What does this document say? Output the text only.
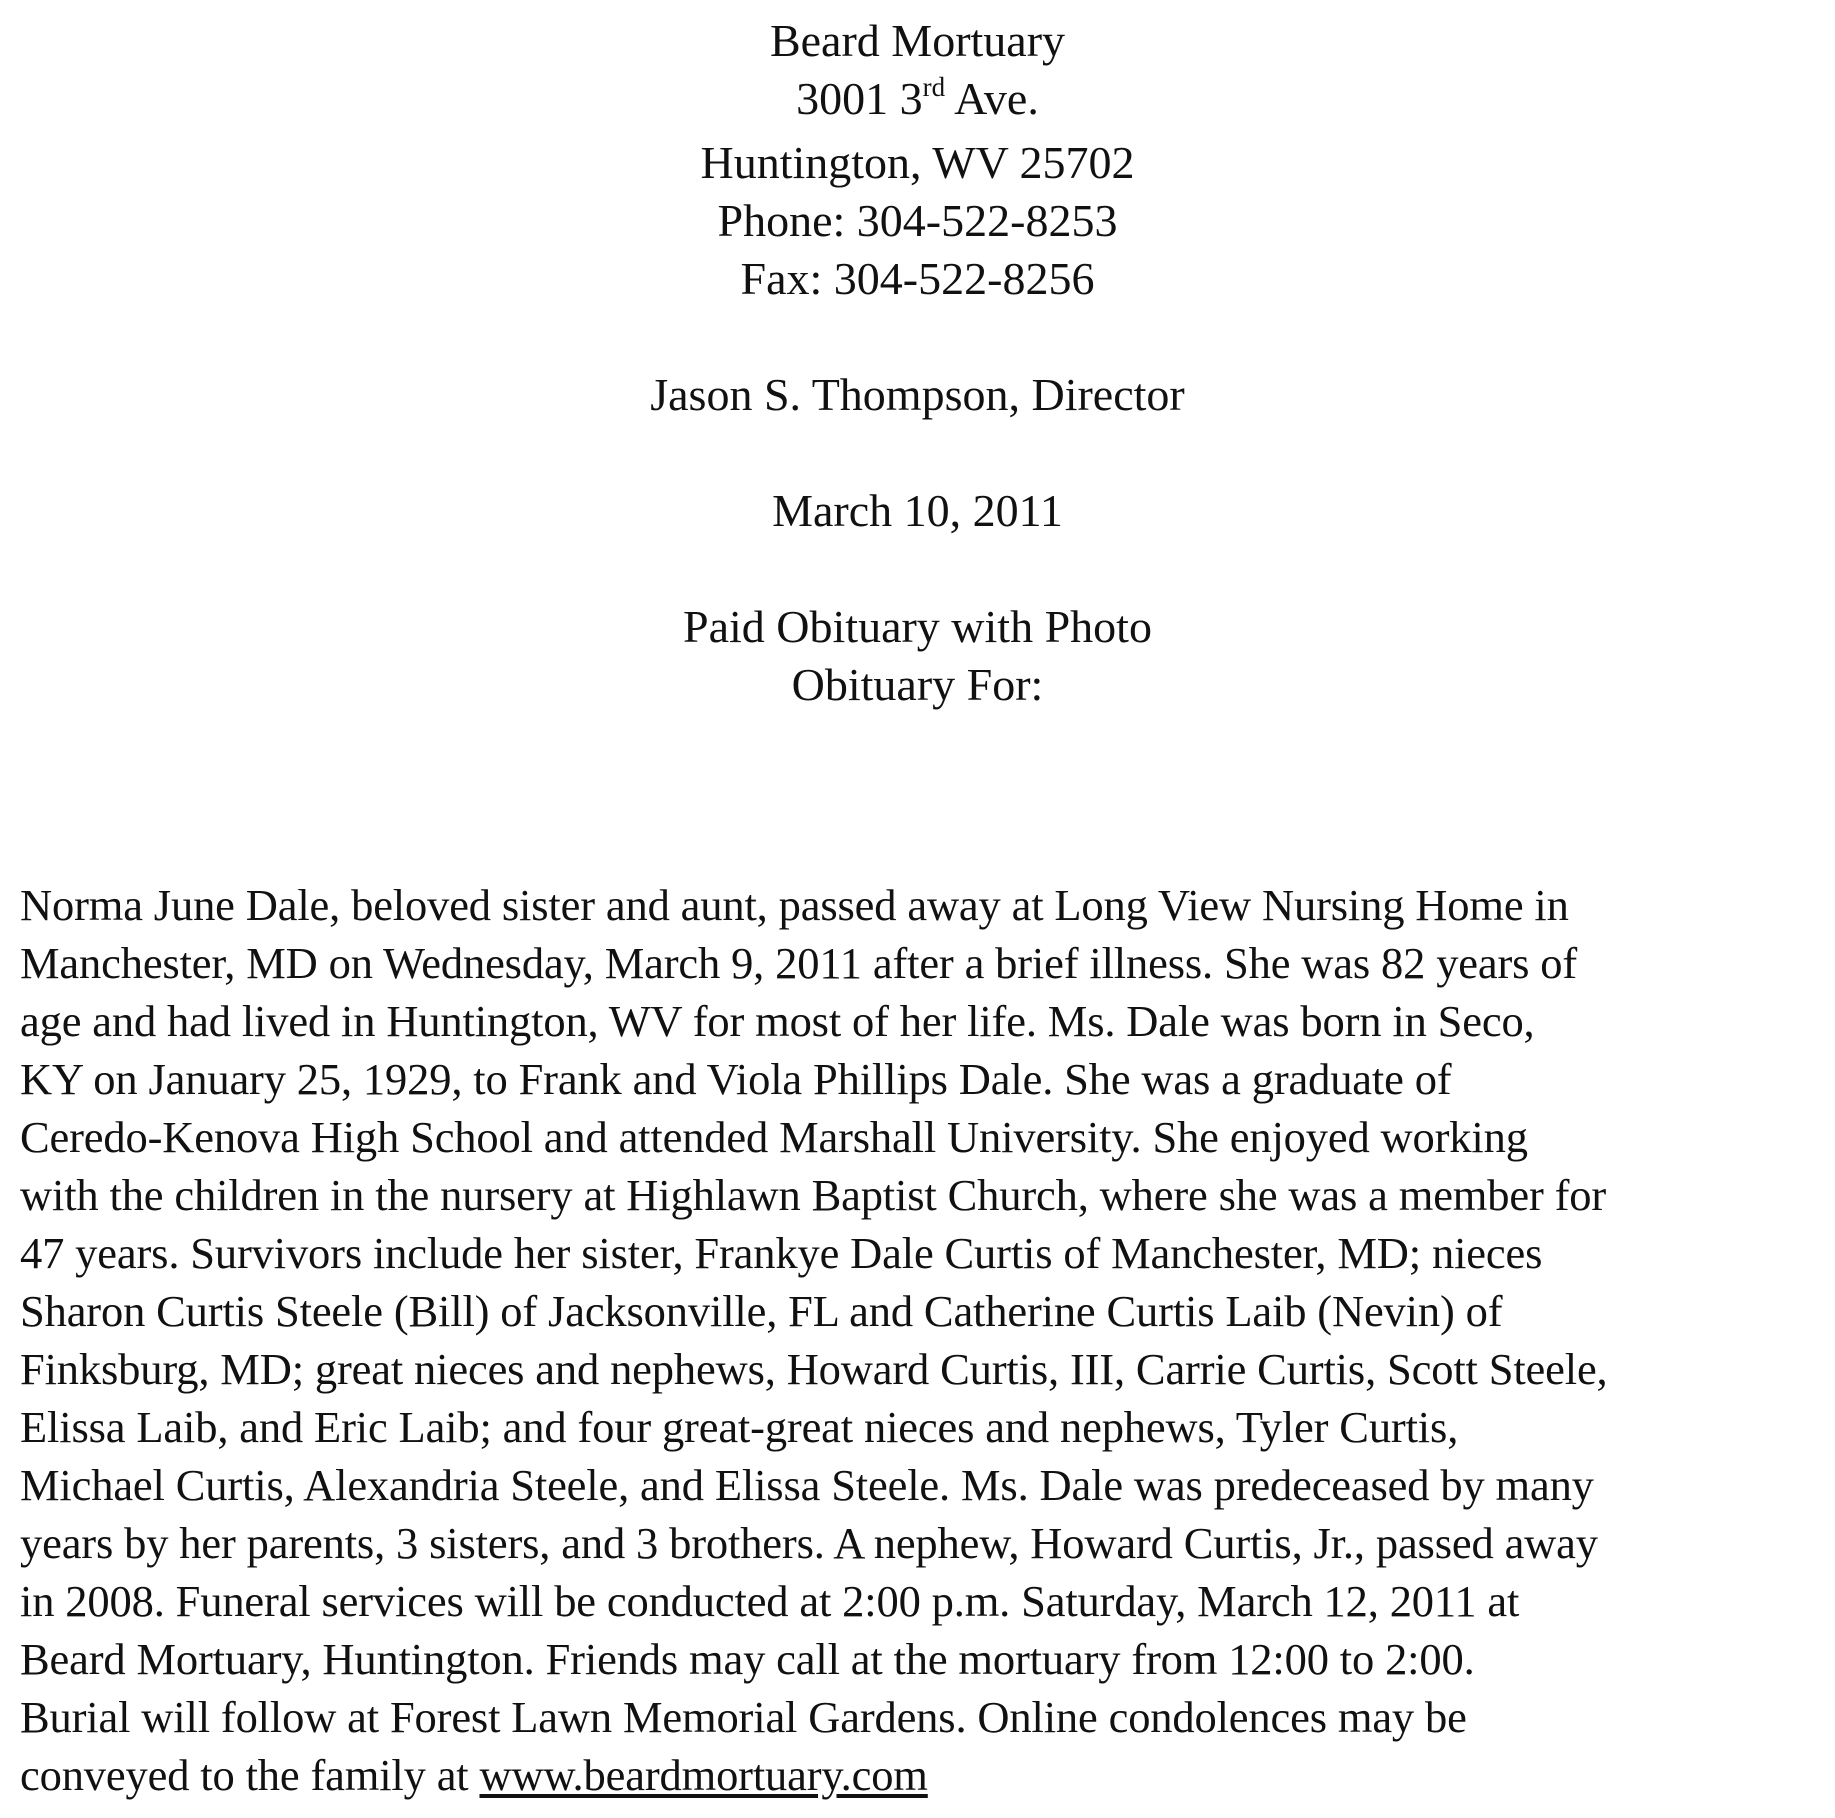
Beard Mortuary
3001 3rd Ave.
Huntington, WV 25702
Phone: 304-522-8253
Fax: 304-522-8256
Jason S. Thompson, Director
March 10, 2011
Paid Obituary with Photo
Obituary For:
Norma June Dale, beloved sister and aunt, passed away at Long View Nursing Home in
Manchester, MD on Wednesday, March 9, 2011 after a brief illness. She was 82 years of
age and had lived in Huntington, WV for most of her life. Ms. Dale was born in Seco,
KY on January 25, 1929, to Frank and Viola Phillips Dale. She was a graduate of
Ceredo-Kenova High School and attended Marshall University. She enjoyed working
with the children in the nursery at Highlawn Baptist Church, where she was a member for
47 years. Survivors include her sister, Frankye Dale Curtis of Manchester, MD; nieces
Sharon Curtis Steele (Bill) of Jacksonville, FL and Catherine Curtis Laib (Nevin) of
Finksburg, MD; great nieces and nephews, Howard Curtis, III, Carrie Curtis, Scott Steele,
Elissa Laib, and Eric Laib; and four great-great nieces and nephews, Tyler Curtis,
Michael Curtis, Alexandria Steele, and Elissa Steele. Ms. Dale was predeceased by many
years by her parents, 3 sisters, and 3 brothers. A nephew, Howard Curtis, Jr., passed away
in 2008. Funeral services will be conducted at 2:00 p.m. Saturday, March 12, 2011 at
Beard Mortuary, Huntington. Friends may call at the mortuary from 12:00 to 2:00.
Burial will follow at Forest Lawn Memorial Gardens. Online condolences may be
conveyed to the family at www.beardmortuary.com
